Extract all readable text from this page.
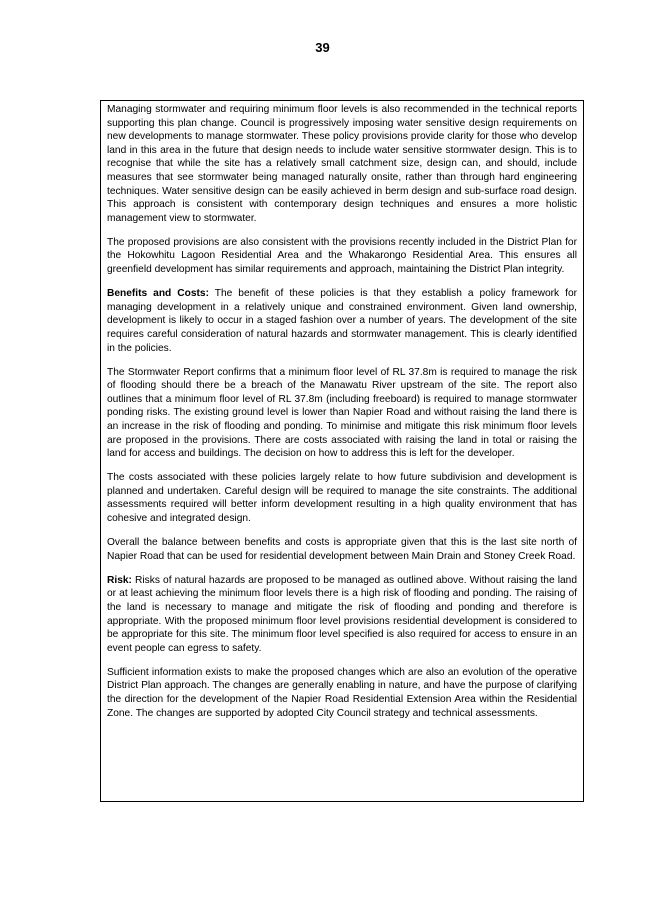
39

Managing stormwater and requiring minimum floor levels is also recommended in the technical reports supporting this plan change. Council is progressively imposing water sensitive design requirements on new developments to manage stormwater. These policy provisions provide clarity for those who develop land in this area in the future that design needs to include water sensitive stormwater design. This is to recognise that while the site has a relatively small catchment size, design can, and should, include measures that see stormwater being managed naturally onsite, rather than through hard engineering techniques. Water sensitive design can be easily achieved in berm design and sub-surface road design. This approach is consistent with contemporary design techniques and ensures a more holistic management view to stormwater.

The proposed provisions are also consistent with the provisions recently included in the District Plan for the Hokowhitu Lagoon Residential Area and the Whakarongo Residential Area. This ensures all greenfield development has similar requirements and approach, maintaining the District Plan integrity.

Benefits and Costs: The benefit of these policies is that they establish a policy framework for managing development in a relatively unique and constrained environment. Given land ownership, development is likely to occur in a staged fashion over a number of years. The development of the site requires careful consideration of natural hazards and stormwater management. This is clearly identified in the policies.

The Stormwater Report confirms that a minimum floor level of RL 37.8m is required to manage the risk of flooding should there be a breach of the Manawatu River upstream of the site. The report also outlines that a minimum floor level of RL 37.8m (including freeboard) is required to manage stormwater ponding risks. The existing ground level is lower than Napier Road and without raising the land there is an increase in the risk of flooding and ponding. To minimise and mitigate this risk minimum floor levels are proposed in the provisions. There are costs associated with raising the land in total or raising the land for access and buildings. The decision on how to address this is left for the developer.

The costs associated with these policies largely relate to how future subdivision and development is planned and undertaken. Careful design will be required to manage the site constraints. The additional assessments required will better inform development resulting in a high quality environment that has cohesive and integrated design.

Overall the balance between benefits and costs is appropriate given that this is the last site north of Napier Road that can be used for residential development between Main Drain and Stoney Creek Road.

Risk: Risks of natural hazards are proposed to be managed as outlined above. Without raising the land or at least achieving the minimum floor levels there is a high risk of flooding and ponding. The raising of the land is necessary to manage and mitigate the risk of flooding and ponding and therefore is appropriate. With the proposed minimum floor level provisions residential development is considered to be appropriate for this site. The minimum floor level specified is also required for access to ensure in an event people can egress to safety.

Sufficient information exists to make the proposed changes which are also an evolution of the operative District Plan approach. The changes are generally enabling in nature, and have the purpose of clarifying the direction for the development of the Napier Road Residential Extension Area within the Residential Zone. The changes are supported by adopted City Council strategy and technical assessments.
